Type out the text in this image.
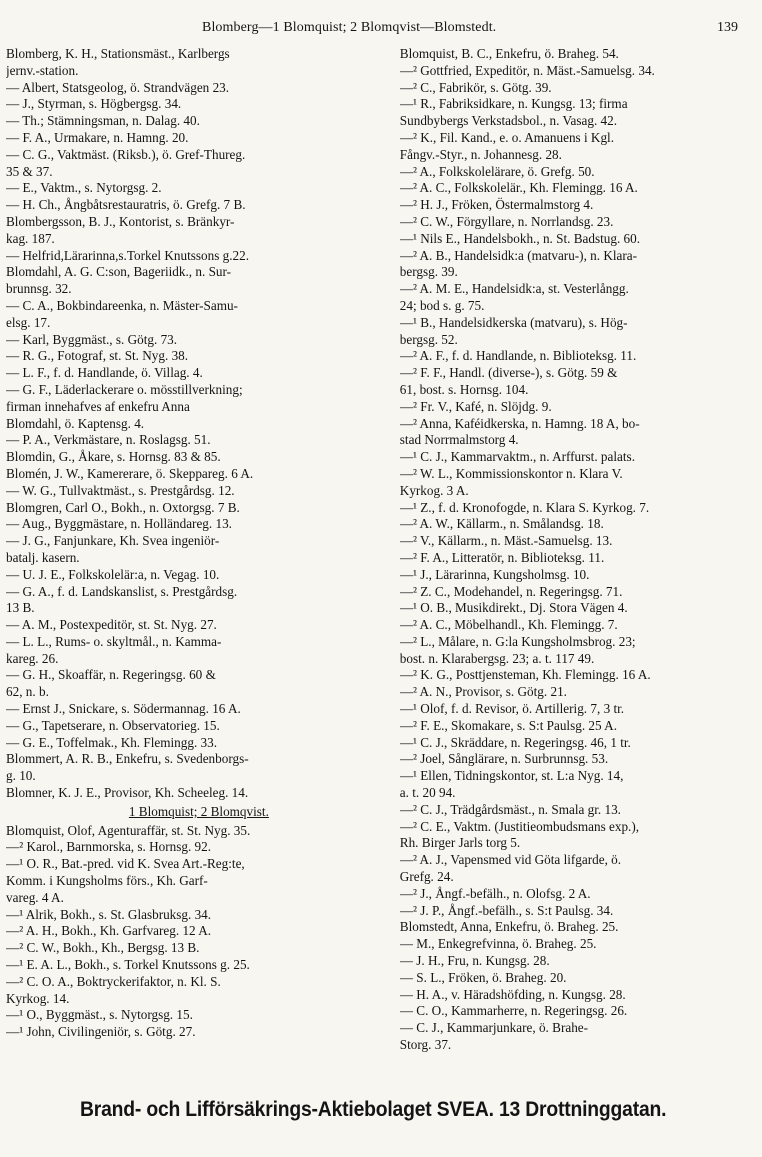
Blomberg—1 Blomquist; 2 Blomqvist—Blomstedt.	139
Blomberg, K. H., Stationsmäst., Karlbergs
jernv.-station.
— Albert, Statsgeolog, ö. Strandvägen 23.
— J., Styrman, s. Högbergsg. 34.
— Th.; Stämningsman, n. Dalag. 40.
— F. A., Urmakare, n. Hamng. 20.
— C. G., Vaktmäst. (Riksb.), ö. Gref-Thureg.
35 & 37.
— E., Vaktm., s. Nytorgsg. 2.
— H. Ch., Ångbåtsrestauratris, ö. Grefg. 7 B.
Blombergsson, B. J., Kontorist, s. Bränkyr-
kag. 187.
— Helfrid,Lärarinna,s.Torkel Knutssons g.22.
Blomdahl, A. G. C:son, Bageriidk., n. Sur-
brunnsg. 32.
— C. A., Bokbindareenka, n. Mäster-Samu-
elsg. 17.
— Karl, Byggmäst., s. Götg. 73.
— R. G., Fotograf, st. St. Nyg. 38.
— L. F., f. d. Handlande, ö. Villag. 4.
— G. F., Läderlackerare o. mösstillverkning;
firman innehafves af enkefru Anna
Blomdahl, ö. Kaptensg. 4.
— P. A., Verkmästare, n. Roslagsg. 51.
Blomdin, G., Åkare, s. Hornsg. 83 & 85.
Blomén, J. W., Kamererare, ö. Skeppareg. 6 A.
— W. G., Tullvaktmäst., s. Prestgårdsg. 12.
Blomgren, Carl O., Bokh., n. Oxtorgsg. 7 B.
— Aug., Byggmästare, n. Holländareg. 13.
— J. G., Fanjunkare, Kh. Svea ingeniör-
batalj. kasern.
— U. J. E., Folkskolelär:a, n. Vegag. 10.
— G. A., f. d. Landskanslist, s. Prestgårdsg.
13 B.
— A. M., Postexpeditör, st. St. Nyg. 27.
— L. L., Rums- o. skyltmål., n. Kamma-
kareg. 26.
— G. H., Skoaffär, n. Regeringsg. 60 &
62, n. b.
— Ernst J., Snickare, s. Södermannag. 16 A.
— G., Tapetserare, n. Observatorieg. 15.
— G. E., Toffelmak., Kh. Flemingg. 33.
Blommert, A. R. B., Enkefru, s. Svedenborgs-
g. 10.
Blomner, K. J. E., Provisor, Kh. Scheeleg. 14.
1 Blomquist; 2 Blomqvist.
Blomquist, Olof, Agenturaffär, st. St. Nyg. 35.
—² Karol., Barnmorska, s. Hornsg. 92.
—¹ O. R., Bat.-pred. vid K. Svea Art.-Reg:te,
Komm. i Kungsholms förs., Kh. Garf-
vareg. 4 A.
—¹ Alrik, Bokh., s. St. Glasbruksg. 34.
—² A. H., Bokh., Kh. Garfvareg. 12 A.
—² C. W., Bokh., Kh., Bergsg. 13 B.
—¹ E. A. L., Bokh., s. Torkel Knutssons g. 25.
—² C. O. A., Boktryckerifaktor, n. Kl. S.
Kyrkog. 14.
—¹ O., Byggmäst., s. Nytorgsg. 15.
—¹ John, Civilingeniör, s. Götg. 27.
Blomquist, B. C., Enkefru, ö. Braheg. 54.
—² Gottfried, Expeditör, n. Mäst.-Samuelsg. 34.
—² C., Fabrikör, s. Götg. 39.
—¹ R., Fabriksidkare, n. Kungsg. 13; firma
Sundbybergs Verkstadsbol., n. Vasag. 42.
—² K., Fil. Kand., e. o. Amanuens i Kgl.
Fångv.-Styr., n. Johannesg. 28.
—² A., Folkskolelärare, ö. Grefg. 50.
—² A. C., Folkskolelär., Kh. Flemingg. 16 A.
—² H. J., Fröken, Östermalmstorg 4.
—² C. W., Förgyllare, n. Norrlandsg. 23.
—¹ Nils E., Handelsbokh., n. St. Badstug. 60.
—² A. B., Handelsidk:a (matvaru-), n. Klara-
bergsg. 39.
—² A. M. E., Handelsidk:a, st. Vesterlångg.
24; bod s. g. 75.
—¹ B., Handelsidkerska (matvaru), s. Hög-
bergsg. 52.
—² A. F., f. d. Handlande, n. Biblioteksg. 11.
—² F. F., Handl. (diverse-), s. Götg. 59 &
61, bost. s. Hornsg. 104.
—² Fr. V., Kafé, n. Slöjdg. 9.
—² Anna, Kaféidkerska, n. Hamng. 18 A, bo-
stad Norrmalmstorg 4.
—¹ C. J., Kammarvaktm., n. Arffurst. palats.
—² W. L., Kommissionskontor n. Klara V.
Kyrkog. 3 A.
—¹ Z., f. d. Kronofogde, n. Klara S. Kyrkog. 7.
—² A. W., Källarm., n. Smålandsg. 18.
—² V., Källarm., n. Mäst.-Samuelsg. 13.
—² F. A., Litteratör, n. Biblioteksg. 11.
—¹ J., Lärarinna, Kungsholmsg. 10.
—² Z. C., Modehandel, n. Regeringsg. 71.
—¹ O. B., Musikdirekt., Dj. Stora Vägen 4.
—² A. C., Möbelhandl., Kh. Flemingg. 7.
—² L., Målare, n. G:la Kungsholmsbrog. 23;
bost. n. Klarabergsg. 23; a. t. 117 49.
—² K. G., Posttjensteman, Kh. Flemingg. 16 A.
—² A. N., Provisor, s. Götg. 21.
—¹ Olof, f. d. Revisor, ö. Artillerig. 7, 3 tr.
—² F. E., Skomakare, s. S:t Paulsg. 25 A.
—¹ C. J., Skräddare, n. Regeringsg. 46, 1 tr.
—² Joel, Sånglärare, n. Surbrunnsg. 53.
—¹ Ellen, Tidningskontor, st. L:a Nyg. 14,
a. t. 20 94.
—² C. J., Trädgårdsmäst., n. Smala gr. 13.
—² C. E., Vaktm. (Justitieombudsmans exp.),
Rh. Birger Jarls torg 5.
—² A. J., Vapensmed vid Göta lifgarde, ö.
Grefg. 24.
—² J., Ångf.-befälh., n. Olofsg. 2 A.
—² J. P., Ångf.-befälh., s. S:t Paulsg. 34.
Blomstedt, Anna, Enkefru, ö. Braheg. 25.
— M., Enkegrefvinna, ö. Braheg. 25.
— J. H., Fru, n. Kungsg. 28.
— S. L., Fröken, ö. Braheg. 20.
— H. A., v. Häradshöfding, n. Kungsg. 28.
— C. O., Kammarherre, n. Regeringsg. 26.
— C. J., Kammarjunkare, ö. Brahe-
Storg. 37.
Brand- och Lifförsäkrings-Aktiebolaget SVEA. 13 Drottninggatan.
